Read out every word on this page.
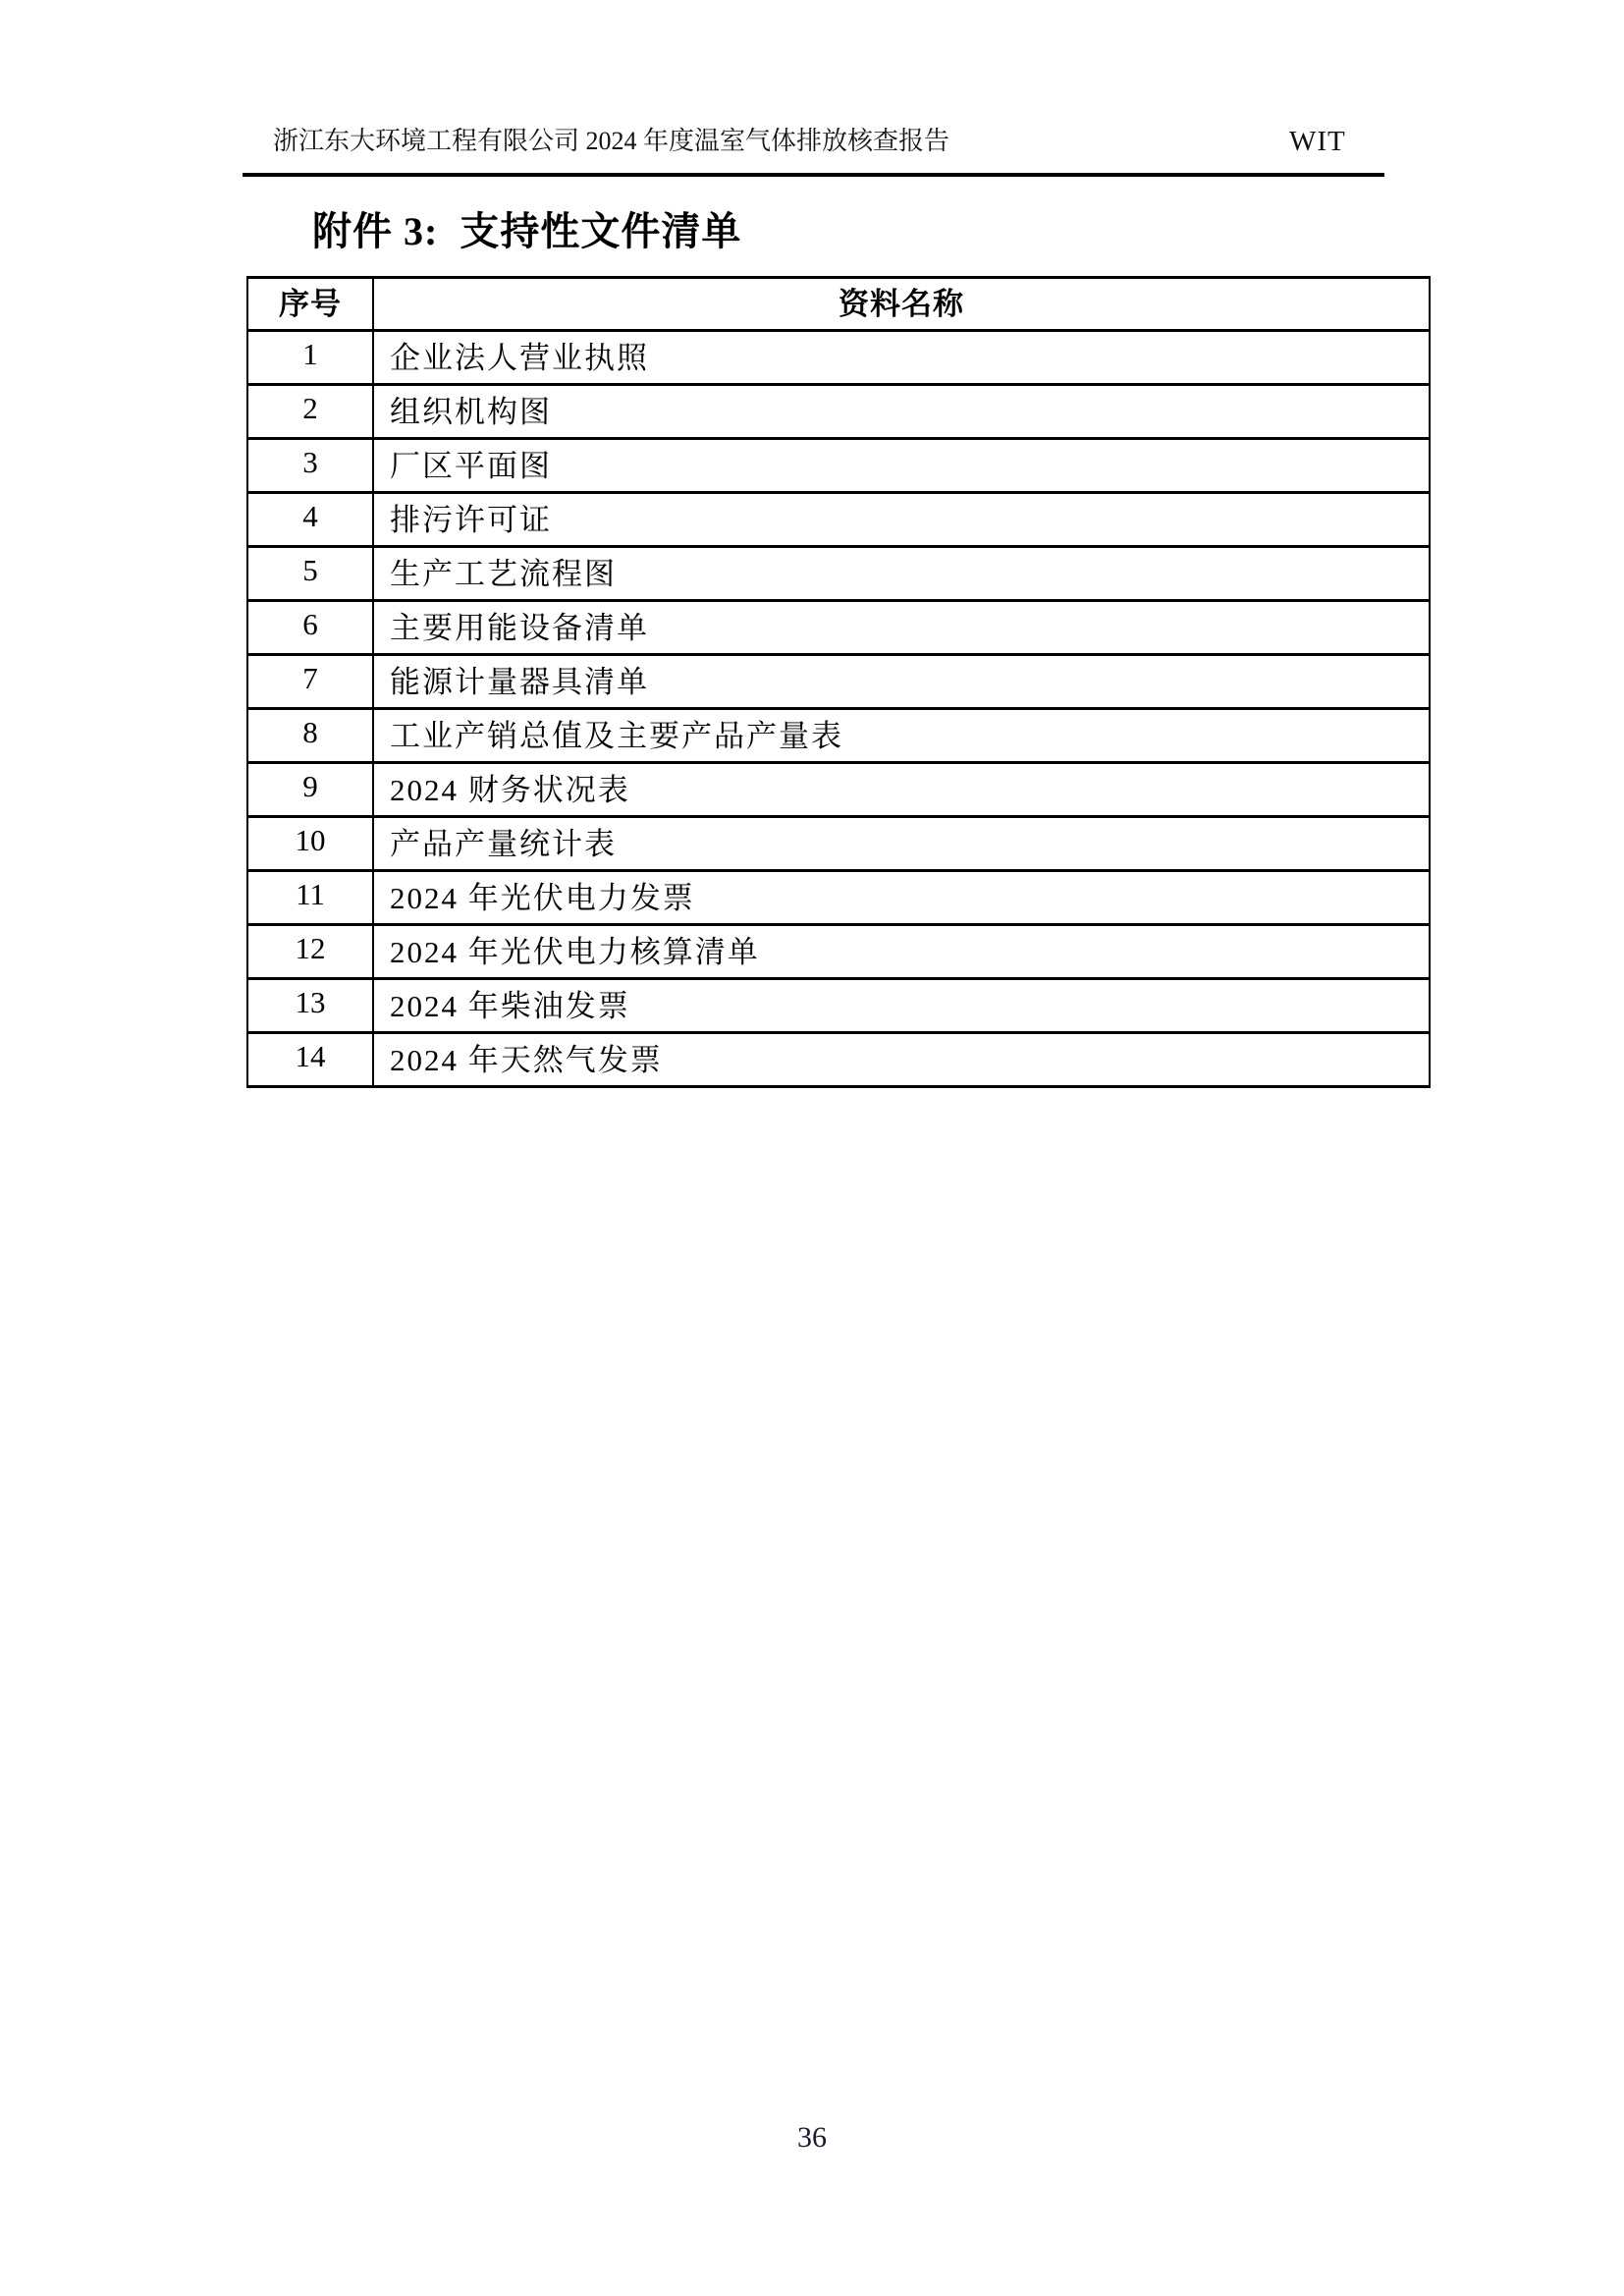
浙江东大环境工程有限公司 2024 年度温室气体排放核查报告	WIT
附件 3:  支持性文件清单
序号	资料名称
1	企业法人营业执照
2	组织机构图
3	厂区平面图
4	排污许可证
5	生产工艺流程图
6	主要用能设备清单
7	能源计量器具清单
8	工业产销总值及主要产品产量表
9	2024 财务状况表
10	产品产量统计表
11	2024 年光伏电力发票
12	2024 年光伏电力核算清单
13	2024 年柴油发票
14	2024 年天然气发票
36
